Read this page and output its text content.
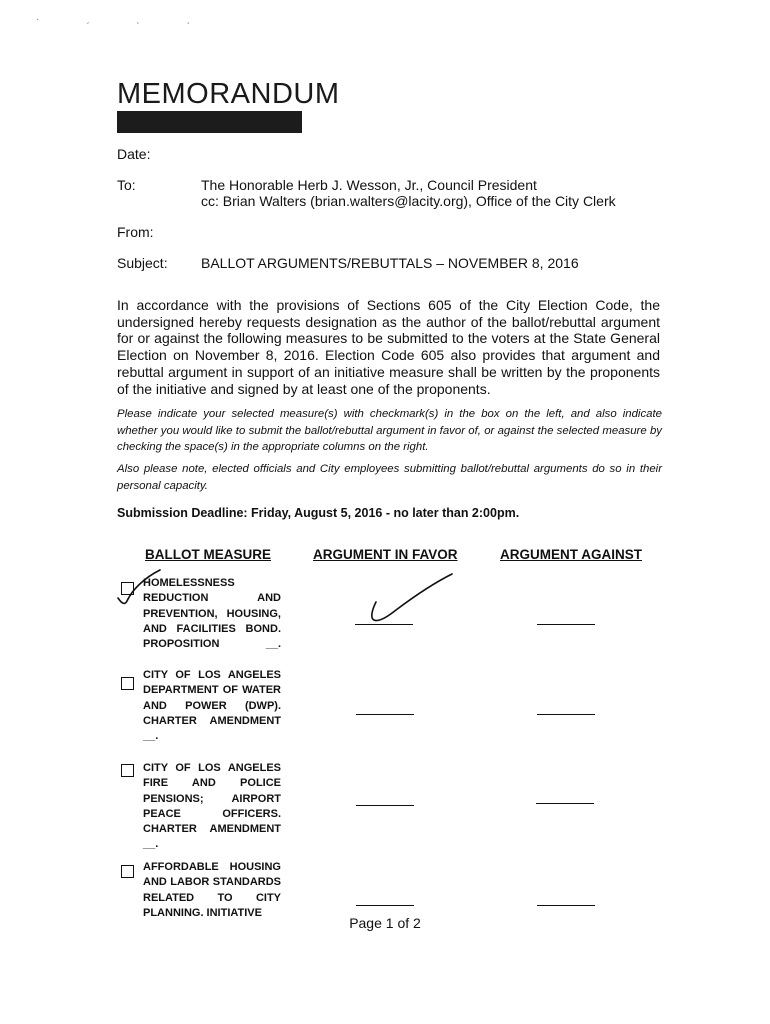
· ˏ ˎ ˏ
MEMORANDUM
Date:
To:	The Honorable Herb J. Wesson, Jr., Council President
cc: Brian Walters (brian.walters@lacity.org), Office of the City Clerk
From:
Subject: BALLOT ARGUMENTS/REBUTTALS – NOVEMBER 8, 2016
In accordance with the provisions of Sections 605 of the City Election Code, the undersigned hereby requests designation as the author of the ballot/rebuttal argument for or against the following measures to be submitted to the voters at the State General Election on November 8, 2016. Election Code 605 also provides that argument and rebuttal argument in support of an initiative measure shall be written by the proponents of the initiative and signed by at least one of the proponents.
Please indicate your selected measure(s) with checkmark(s) in the box on the left, and also indicate whether you would like to submit the ballot/rebuttal argument in favor of, or against the selected measure by checking the space(s) in the appropriate columns on the right.
Also please note, elected officials and City employees submitting ballot/rebuttal arguments do so in their personal capacity.
Submission Deadline: Friday, August 5, 2016 - no later than 2:00pm.
BALLOT MEASURE	ARGUMENT IN FAVOR	ARGUMENT AGAINST
HOMELESSNESS REDUCTION AND PREVENTION, HOUSING, AND FACILITIES BOND. PROPOSITION __.
CITY OF LOS ANGELES DEPARTMENT OF WATER AND POWER (DWP). CHARTER AMENDMENT __.
CITY OF LOS ANGELES FIRE AND POLICE PENSIONS; AIRPORT PEACE OFFICERS. CHARTER AMENDMENT __.
AFFORDABLE HOUSING AND LABOR STANDARDS RELATED TO CITY PLANNING. INITIATIVE
Page 1 of 2
